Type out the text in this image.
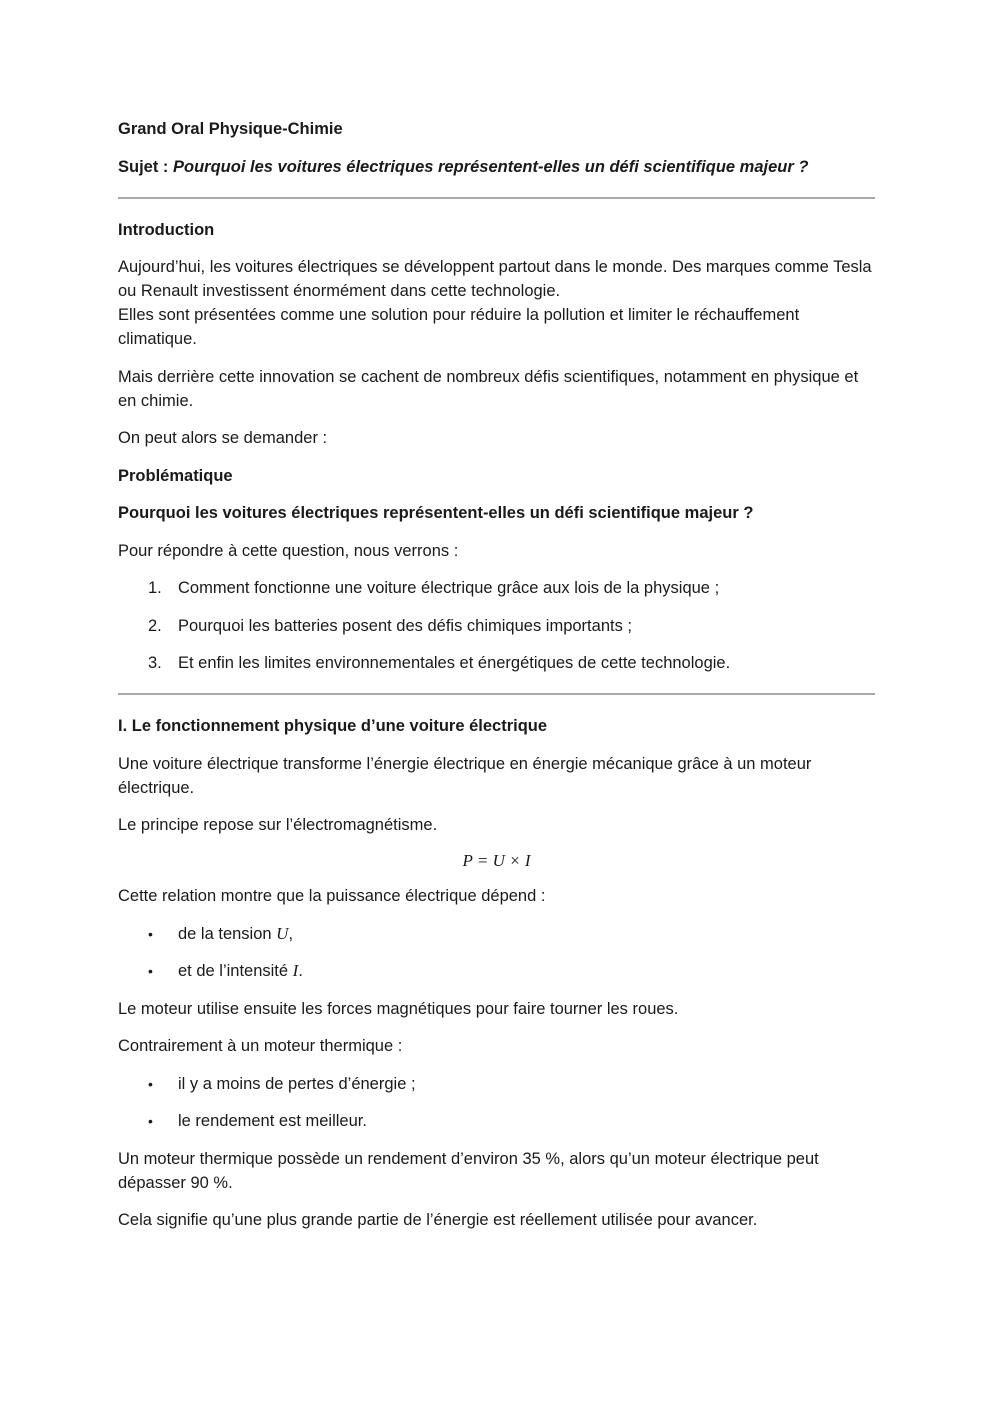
Grand Oral Physique-Chimie

Sujet : Pourquoi les voitures électriques représentent-elles un défi scientifique majeur ?

Introduction

Aujourd’hui, les voitures électriques se développent partout dans le monde. Des marques comme Tesla ou Renault investissent énormément dans cette technologie.
Elles sont présentées comme une solution pour réduire la pollution et limiter le réchauffement climatique.

Mais derrière cette innovation se cachent de nombreux défis scientifiques, notamment en physique et en chimie.

On peut alors se demander :

Problématique

Pourquoi les voitures électriques représentent-elles un défi scientifique majeur ?

Pour répondre à cette question, nous verrons :

1. Comment fonctionne une voiture électrique grâce aux lois de la physique ;
2. Pourquoi les batteries posent des défis chimiques importants ;
3. Et enfin les limites environnementales et énergétiques de cette technologie.

I. Le fonctionnement physique d’une voiture électrique

Une voiture électrique transforme l’énergie électrique en énergie mécanique grâce à un moteur électrique.

Le principe repose sur l’électromagnétisme.

P = U × I

Cette relation montre que la puissance électrique dépend :

• de la tension U,
• et de l’intensité I.

Le moteur utilise ensuite les forces magnétiques pour faire tourner les roues.

Contrairement à un moteur thermique :

• il y a moins de pertes d’énergie ;
• le rendement est meilleur.

Un moteur thermique possède un rendement d’environ 35 %, alors qu’un moteur électrique peut dépasser 90 %.

Cela signifie qu’une plus grande partie de l’énergie est réellement utilisée pour avancer.
